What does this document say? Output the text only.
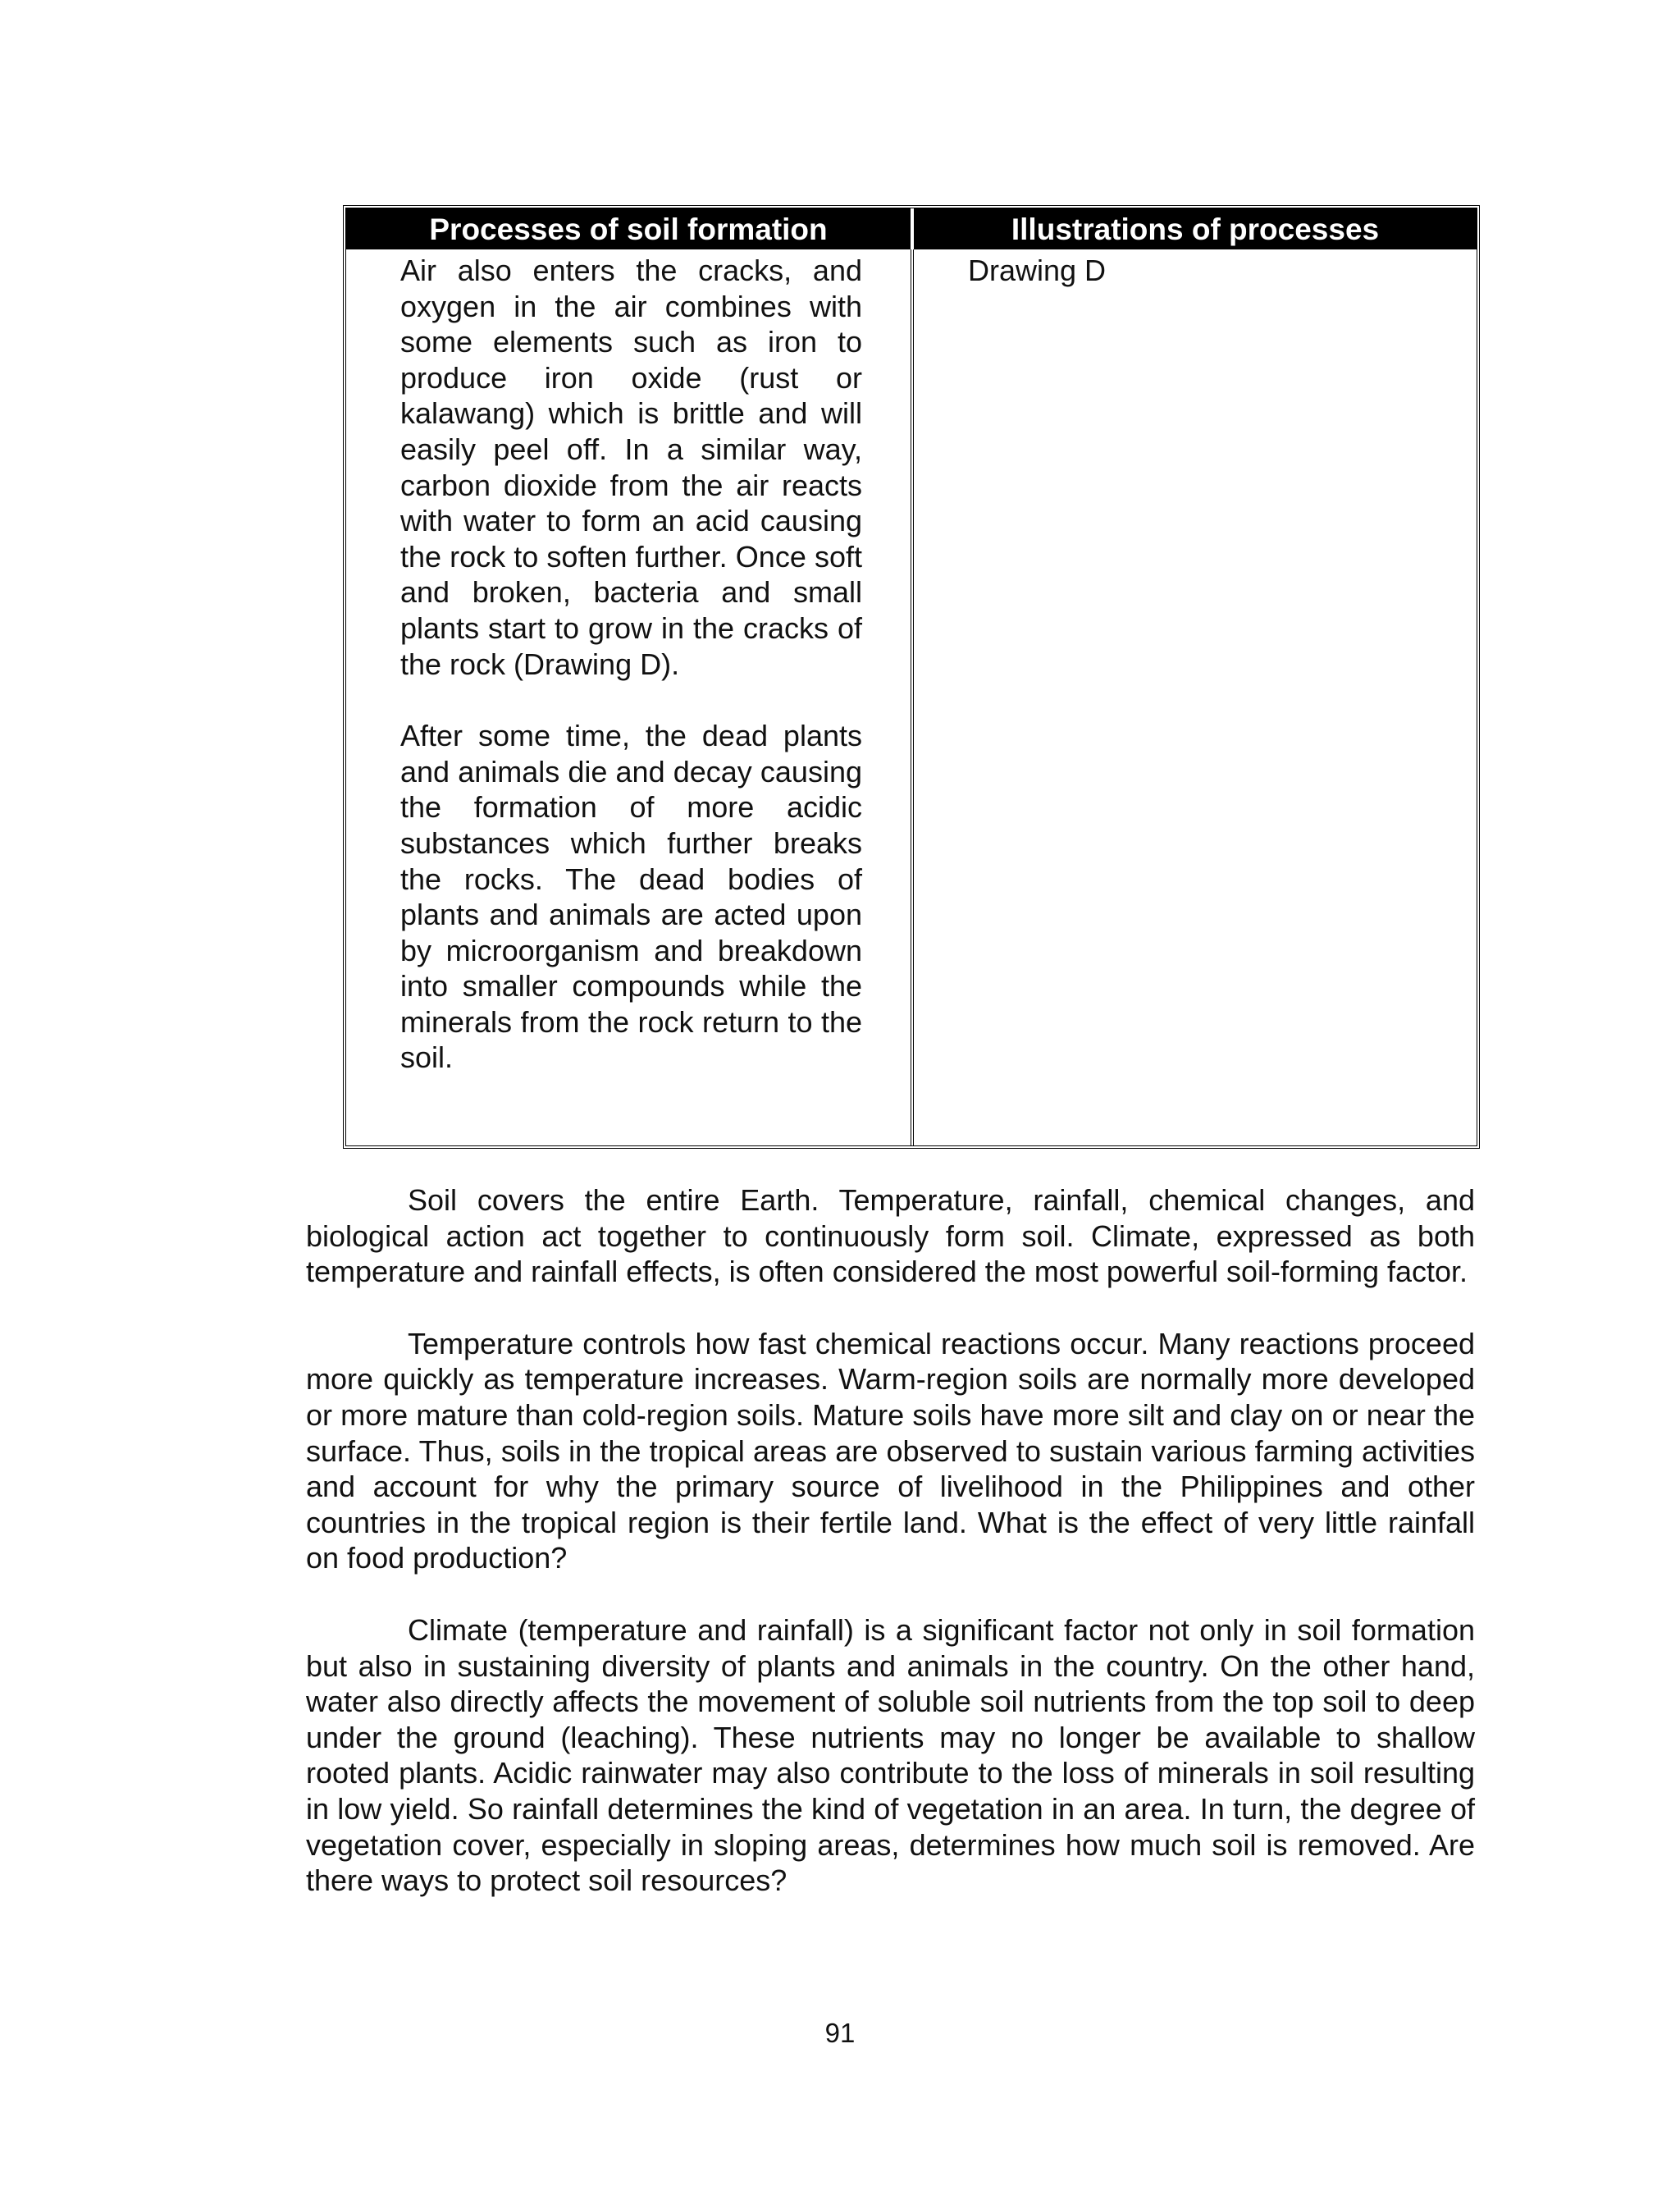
Processes of soil formation	Illustrations of processes

Air also enters the cracks, and oxygen in the air combines with some elements such as iron to produce iron oxide (rust or kalawang) which is brittle and will easily peel off. In a similar way, carbon dioxide from the air reacts with water to form an acid causing the rock to soften further. Once soft and broken, bacteria and small plants start to grow in the cracks of the rock (Drawing D).

After some time, the dead plants and animals die and decay causing the formation of more acidic substances which further breaks the rocks. The dead bodies of plants and animals are acted upon by microorganism and breakdown into smaller compounds while the minerals from the rock return to the soil.

Drawing D

Soil covers the entire Earth. Temperature, rainfall, chemical changes, and biological action act together to continuously form soil. Climate, expressed as both temperature and rainfall effects, is often considered the most powerful soil-forming factor.

Temperature controls how fast chemical reactions occur. Many reactions proceed more quickly as temperature increases. Warm-region soils are normally more developed or more mature than cold-region soils. Mature soils have more silt and clay on or near the surface. Thus, soils in the tropical areas are observed to sustain various farming activities and account for why the primary source of livelihood in the Philippines and other countries in the tropical region is their fertile land. What is the effect of very little rainfall on food production?

Climate (temperature and rainfall) is a significant factor not only in soil formation but also in sustaining diversity of plants and animals in the country. On the other hand, water also directly affects the movement of soluble soil nutrients from the top soil to deep under the ground (leaching). These nutrients may no longer be available to shallow rooted plants. Acidic rainwater may also contribute to the loss of minerals in soil resulting in low yield. So rainfall determines the kind of vegetation in an area. In turn, the degree of vegetation cover, especially in sloping areas, determines how much soil is removed. Are there ways to protect soil resources?

91
